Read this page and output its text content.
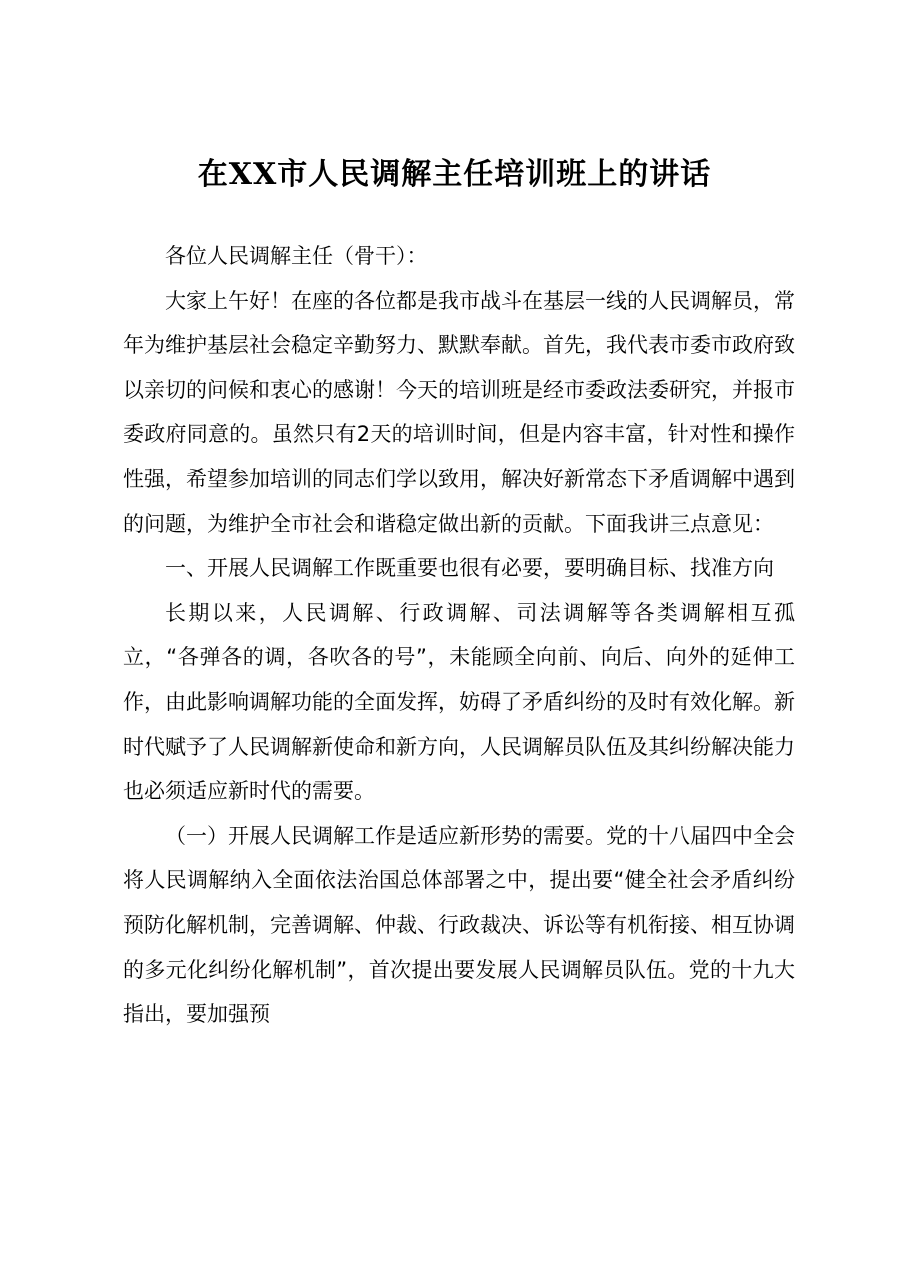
在XX市人民调解主任培训班上的讲话

各位人民调解主任（骨干）：

大家上午好！在座的各位都是我市战斗在基层一线的人民调解员，常年为维护基层社会稳定辛勤努力、默默奉献。首先，我代表市委市政府致以亲切的问候和衷心的感谢！今天的培训班是经市委政法委研究，并报市委政府同意的。虽然只有2天的培训时间，但是内容丰富，针对性和操作性强，希望参加培训的同志们学以致用，解决好新常态下矛盾调解中遇到的问题，为维护全市社会和谐稳定做出新的贡献。下面我讲三点意见：

一、开展人民调解工作既重要也很有必要，要明确目标、找准方向

长期以来，人民调解、行政调解、司法调解等各类调解相互孤立，“各弹各的调，各吹各的号”，未能顾全向前、向后、向外的延伸工作，由此影响调解功能的全面发挥，妨碍了矛盾纠纷的及时有效化解。新时代赋予了人民调解新使命和新方向，人民调解员队伍及其纠纷解决能力也必须适应新时代的需要。

（一）开展人民调解工作是适应新形势的需要。党的十八届四中全会将人民调解纳入全面依法治国总体部署之中，提出要“健全社会矛盾纠纷预防化解机制，完善调解、仲裁、行政裁决、诉讼等有机衔接、相互协调的多元化纠纷化解机制”，首次提出要发展人民调解员队伍。党的十九大指出，要加强预
